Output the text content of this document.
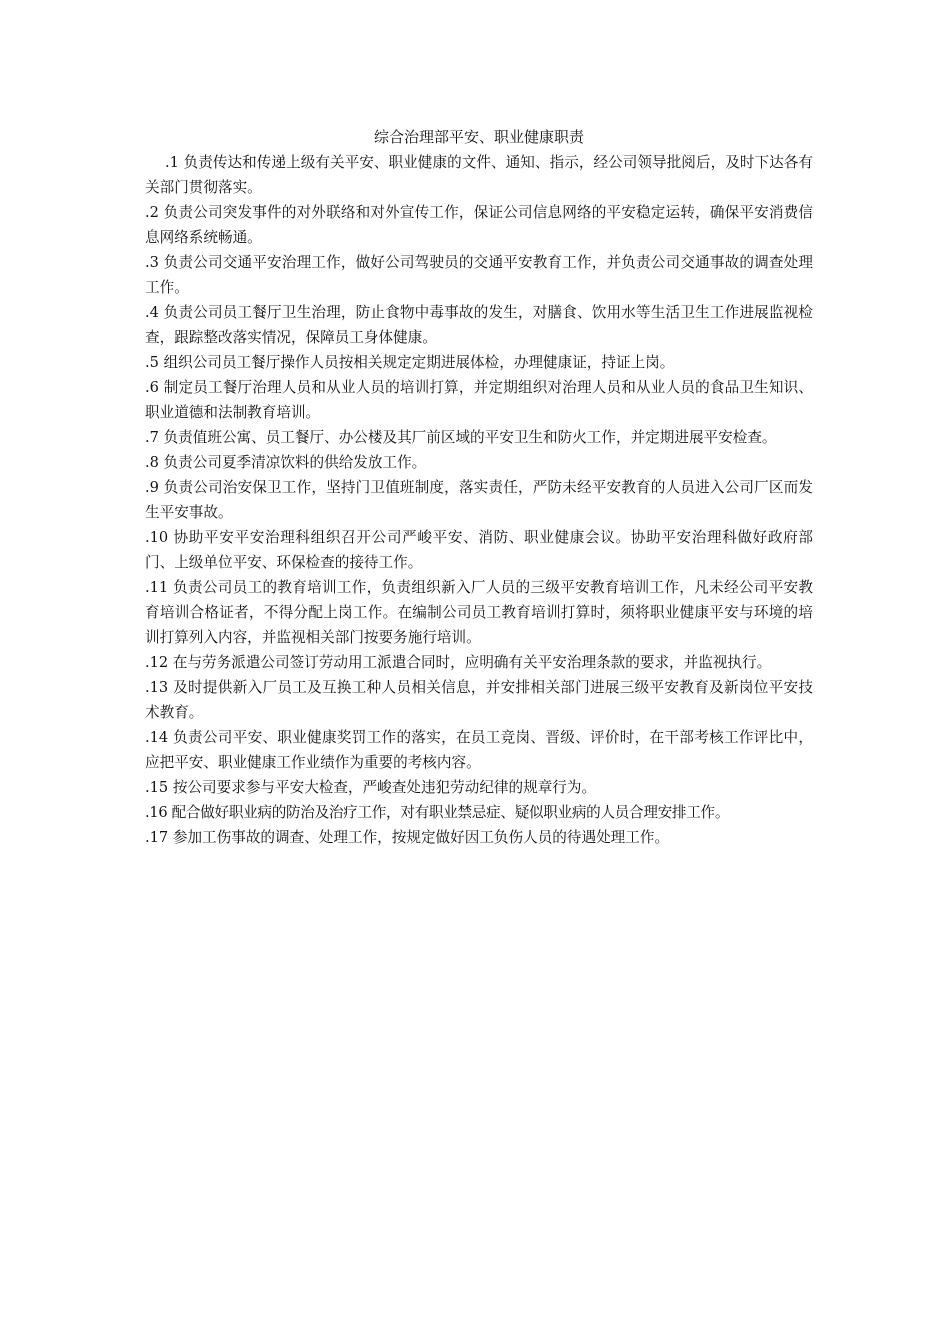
综合治理部平安、职业健康职责

.1 负责传达和传递上级有关平安、职业健康的文件、通知、指示，经公司领导批阅后，及时下达各有关部门贯彻落实。

.2 负责公司突发事件的对外联络和对外宣传工作，保证公司信息网络的平安稳定运转，确保平安消费信息网络系统畅通。

.3 负责公司交通平安治理工作，做好公司驾驶员的交通平安教育工作，并负责公司交通事故的调查处理工作。

.4 负责公司员工餐厅卫生治理，防止食物中毒事故的发生，对膳食、饮用水等生活卫生工作进展监视检查，跟踪整改落实情况，保障员工身体健康。

.5 组织公司员工餐厅操作人员按相关规定定期进展体检，办理健康证，持证上岗。

.6 制定员工餐厅治理人员和从业人员的培训打算，并定期组织对治理人员和从业人员的食品卫生知识、职业道德和法制教育培训。

.7 负责值班公寓、员工餐厅、办公楼及其厂前区域的平安卫生和防火工作，并定期进展平安检查。

.8 负责公司夏季清凉饮料的供给发放工作。

.9 负责公司治安保卫工作，坚持门卫值班制度，落实责任，严防未经平安教育的人员进入公司厂区而发生平安事故。

.10 协助平安平安治理科组织召开公司严峻平安、消防、职业健康会议。协助平安治理科做好政府部门、上级单位平安、环保检查的接待工作。

.11 负责公司员工的教育培训工作，负责组织新入厂人员的三级平安教育培训工作，凡未经公司平安教育培训合格证者，不得分配上岗工作。在编制公司员工教育培训打算时，须将职业健康平安与环境的培训打算列入内容，并监视相关部门按要务施行培训。

.12 在与劳务派遣公司签订劳动用工派遣合同时，应明确有关平安治理条款的要求，并监视执行。

.13 及时提供新入厂员工及互换工种人员相关信息，并安排相关部门进展三级平安教育及新岗位平安技术教育。

.14 负责公司平安、职业健康奖罚工作的落实，在员工竞岗、晋级、评价时，在干部考核工作评比中，应把平安、职业健康工作业绩作为重要的考核内容。

.15 按公司要求参与平安大检查，严峻查处违犯劳动纪律的规章行为。

.16 配合做好职业病的防治及治疗工作，对有职业禁忌症、疑似职业病的人员合理安排工作。

.17 参加工伤事故的调查、处理工作，按规定做好因工负伤人员的待遇处理工作。
